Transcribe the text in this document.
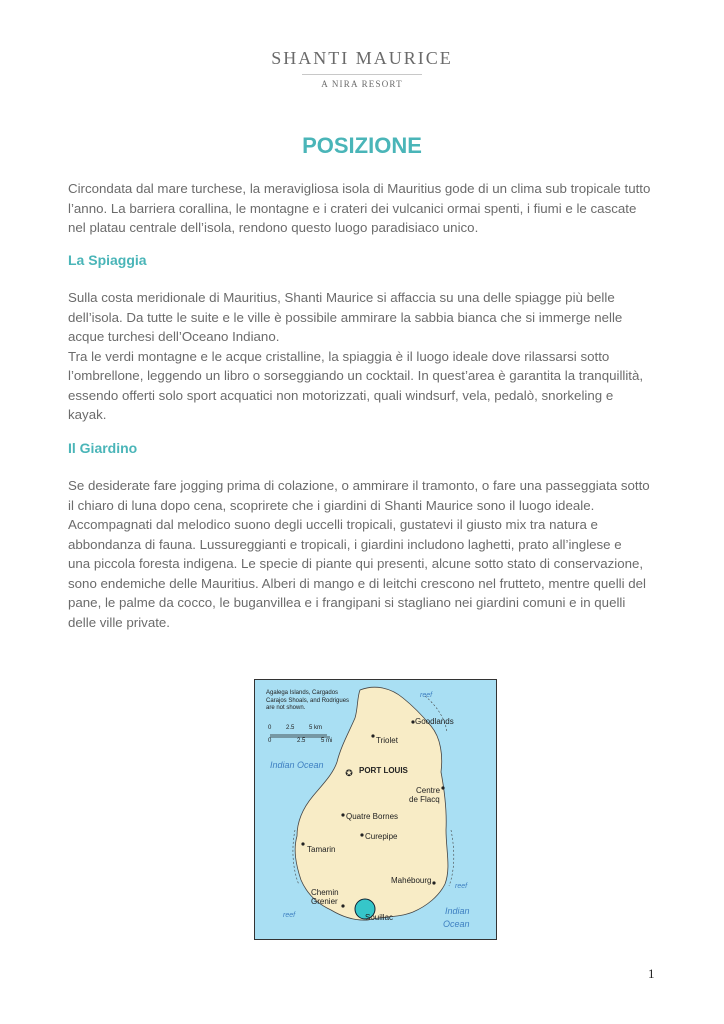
SHANTI MAURICE
A NIRA RESORT
POSIZIONE
Circondata dal mare turchese, la meravigliosa isola di Mauritius gode di un clima sub tropicale tutto
l’anno. La barriera corallina, le montagne e i crateri dei vulcanici ormai spenti, i fiumi e le cascate
nel platau centrale dell’isola, rendono questo luogo paradisiaco unico.
La Spiaggia
Sulla costa meridionale di Mauritius, Shanti Maurice si affaccia su una delle spiagge più belle
dell’isola. Da tutte le suite e le ville è possibile ammirare la sabbia bianca che si immerge nelle
acque turchesi dell’Oceano Indiano.
Tra le verdi montagne e le acque cristalline, la spiaggia è il luogo ideale dove rilassarsi sotto
l’ombrellone, leggendo un libro o sorseggiando un cocktail. In quest’area è garantita la tranquillità,
essendo offerti solo sport acquatici non motorizzati, quali windsurf, vela, pedalò, snorkeling e
kayak.
Il Giardino
Se desiderate fare jogging prima di colazione, o ammirare il tramonto, o fare una passeggiata sotto
il chiaro di luna dopo cena, scoprirete che i giardini di Shanti Maurice sono il luogo ideale.
Accompagnati dal melodico suono degli uccelli tropicali, gustatevi il giusto mix tra natura e
abbondanza di fauna. Lussureggianti e tropicali, i giardini includono laghetti, prato all’inglese e
una piccola foresta indigena. Le specie di piante qui presenti, alcune sotto stato di conservazione,
sono endemiche delle Mauritius. Alberi di mango e di leitchi crescono nel frutteto, mentre quelli del
pane, le palme da cocco, le buganvillea e i frangipani si stagliano nei giardini comuni e in quelli
delle ville private.
✪
Agalega Islands, Cargados Carajos Shoals, and Rodrigues are not shown.
0 2.5 5 km
0	2.5	5 mi
Indian Ocean
Indian
Ocean
reef
reef
reef
Goodlands
Triolet
PORT LOUIS
Centre
de Flacq
Quatre Bornes
Curepipe
Tamarin
Mahébourg
Chemin
Grenier
Souillac
1
